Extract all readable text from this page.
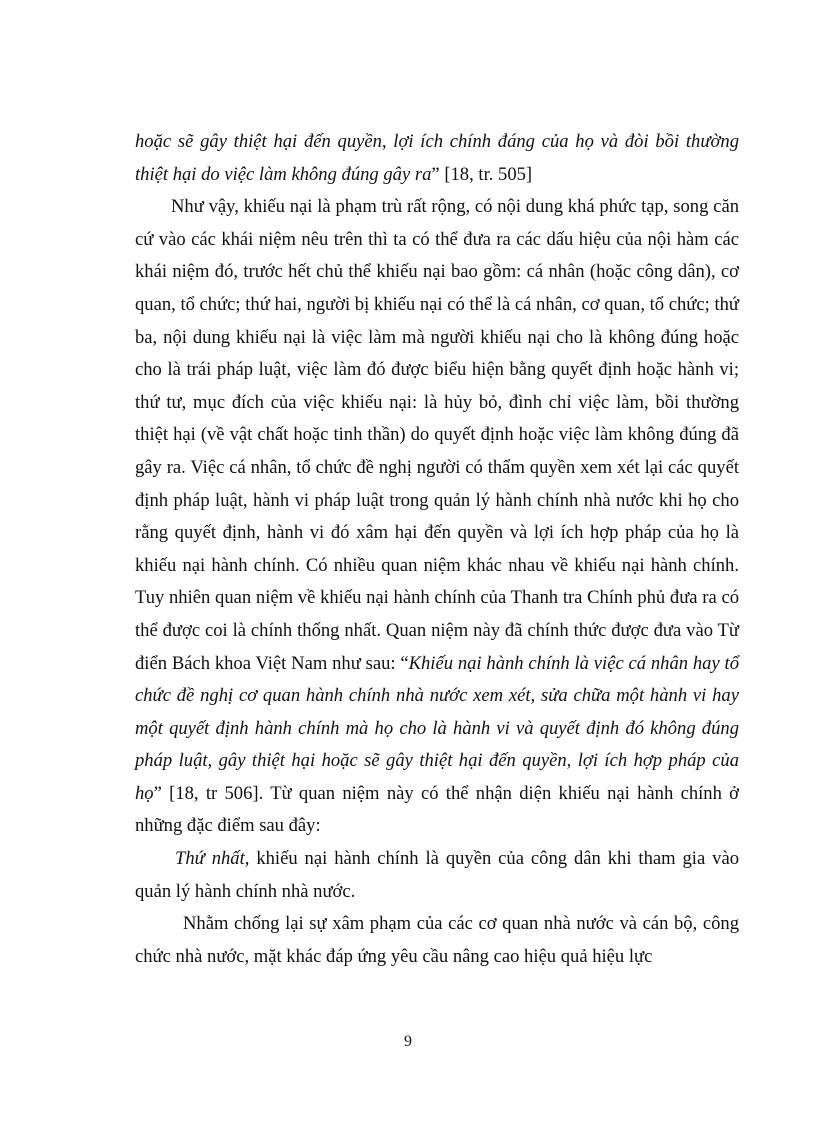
hoặc sẽ gây thiệt hại đến quyền, lợi ích chính đáng của họ và đòi bồi thường thiệt hại do việc làm không đúng gây ra” [18, tr. 505]

Như vậy, khiếu nại là phạm trù rất rộng, có nội dung khá phức tạp, song căn cứ vào các khái niệm nêu trên thì ta có thể đưa ra các dấu hiệu của nội hàm các khái niệm đó, trước hết chủ thể khiếu nại bao gồm: cá nhân (hoặc công dân), cơ quan, tổ chức; thứ hai, người bị khiếu nại có thể là cá nhân, cơ quan, tổ chức; thứ ba, nội dung khiếu nại là việc làm mà người khiếu nại cho là không đúng hoặc cho là trái pháp luật, việc làm đó được biểu hiện bằng quyết định hoặc hành vi; thứ tư, mục đích của việc khiếu nại: là hủy bỏ, đình chỉ việc làm, bồi thường thiệt hại (về vật chất hoặc tinh thần) do quyết định hoặc việc làm không đúng đã gây ra. Việc cá nhân, tổ chức đề nghị người có thẩm quyền xem xét lại các quyết định pháp luật, hành vi pháp luật trong quản lý hành chính nhà nước khi họ cho rằng quyết định, hành vi đó xâm hại đến quyền và lợi ích hợp pháp của họ là khiếu nại hành chính. Có nhiều quan niệm khác nhau về khiếu nại hành chính. Tuy nhiên quan niệm về khiếu nại hành chính của Thanh tra Chính phủ đưa ra có thể được coi là chính thống nhất. Quan niệm này đã chính thức được đưa vào Từ điển Bách khoa Việt Nam như sau: “Khiếu nại hành chính là việc cá nhân hay tổ chức đề nghị cơ quan hành chính nhà nước xem xét, sửa chữa một hành vi hay một quyết định hành chính mà họ cho là hành vi và quyết định đó không đúng pháp luật, gây thiệt hại hoặc sẽ gây thiệt hại đến quyền, lợi ích hợp pháp của họ” [18, tr 506]. Từ quan niệm này có thể nhận diện khiếu nại hành chính ở những đặc điểm sau đây:

Thứ nhất, khiếu nại hành chính là quyền của công dân khi tham gia vào quản lý hành chính nhà nước.

Nhằm chống lại sự xâm phạm của các cơ quan nhà nước và cán bộ, công chức nhà nước, mặt khác đáp ứng yêu cầu nâng cao hiệu quả hiệu lực

9
